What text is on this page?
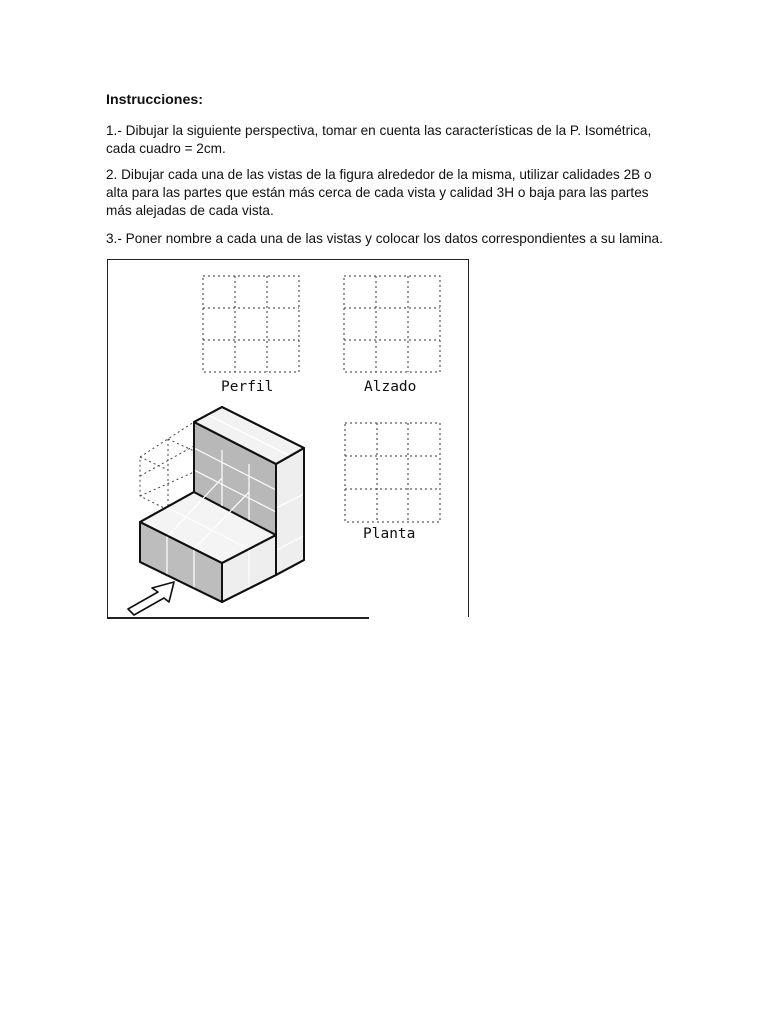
Instrucciones:
1.- Dibujar la siguiente perspectiva, tomar en cuenta las características de la P. Isométrica, cada cuadro = 2cm.
2. Dibujar cada una de las vistas de la figura alrededor de la misma, utilizar calidades 2B o alta para las partes que están más cerca de cada vista y calidad 3H o baja para las partes más alejadas de cada vista.
3.- Poner nombre a cada una de las vistas y colocar los datos correspondientes a su lamina.
Perfil	Alzado
Planta
